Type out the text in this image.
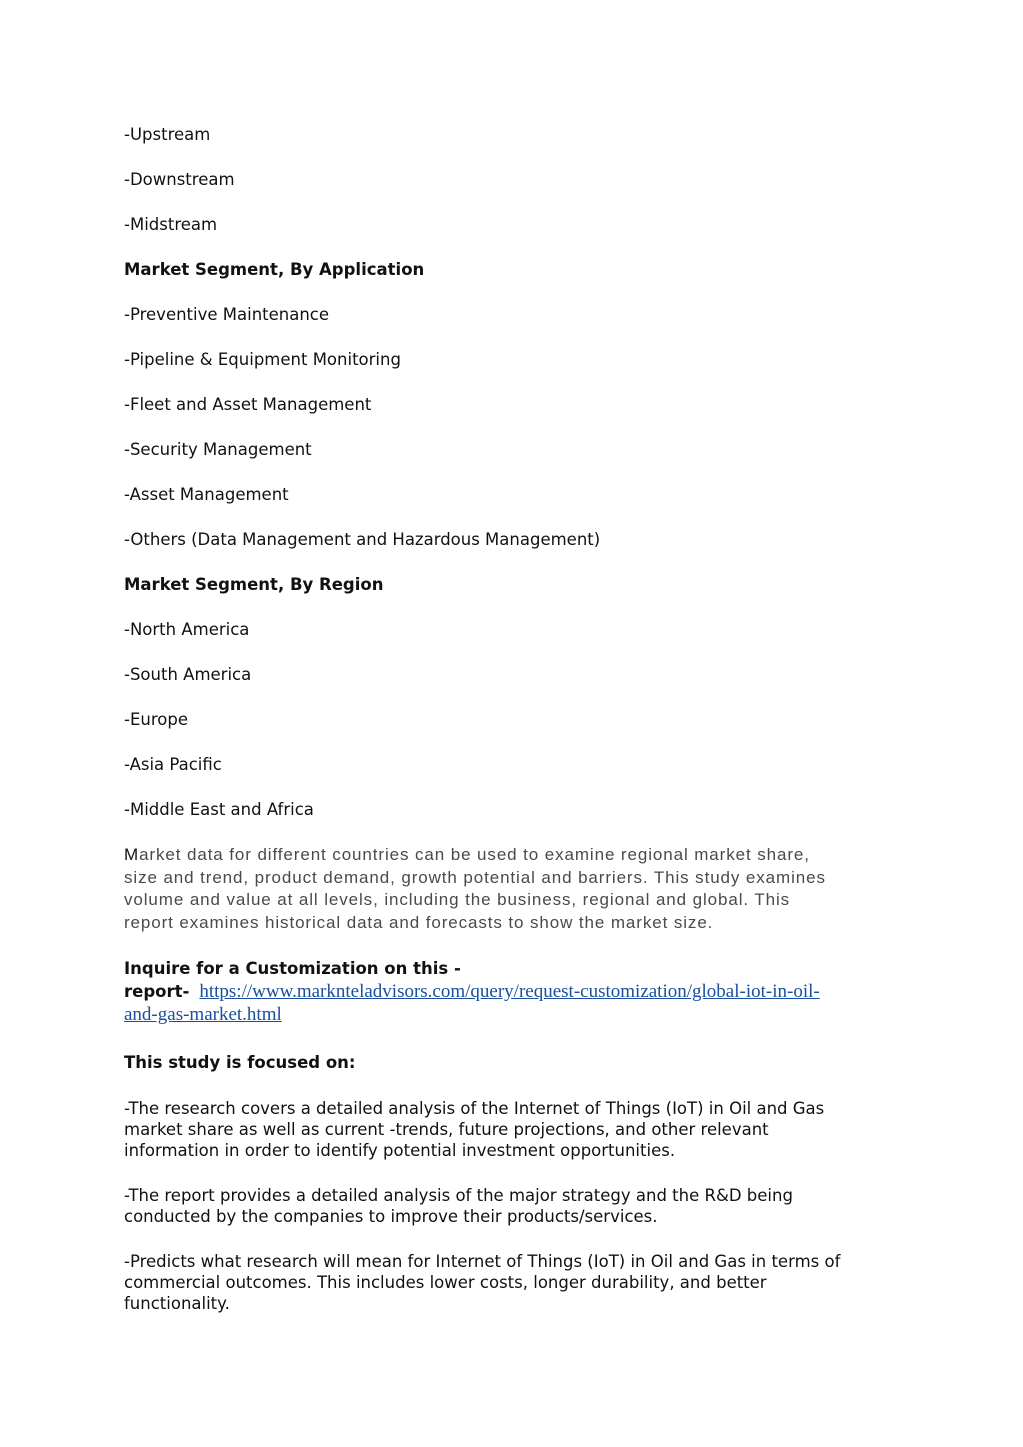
-Upstream
-Downstream
-Midstream
Market Segment, By Application
-Preventive Maintenance
-Pipeline & Equipment Monitoring
-Fleet and Asset Management
-Security Management
-Asset Management
-Others (Data Management and Hazardous Management)
Market Segment, By Region
-North America
-South America
-Europe
-Asia Pacific
-Middle East and Africa
Market data for different countries can be used to examine regional market share,
size and trend, product demand, growth potential and barriers. This study examines
volume and value at all levels, including the business, regional and global. This
report examines historical data and forecasts to show the market size.
Inquire for a Customization on this -
report- https://www.marknteladvisors.com/query/request-customization/global-iot-in-oil-
and-gas-market.html
This study is focused on:
-The research covers a detailed analysis of the Internet of Things (IoT) in Oil and Gas
market share as well as current -trends, future projections, and other relevant
information in order to identify potential investment opportunities.
-The report provides a detailed analysis of the major strategy and the R&D being
conducted by the companies to improve their products/services.
-Predicts what research will mean for Internet of Things (IoT) in Oil and Gas in terms of
commercial outcomes. This includes lower costs, longer durability, and better
functionality.
